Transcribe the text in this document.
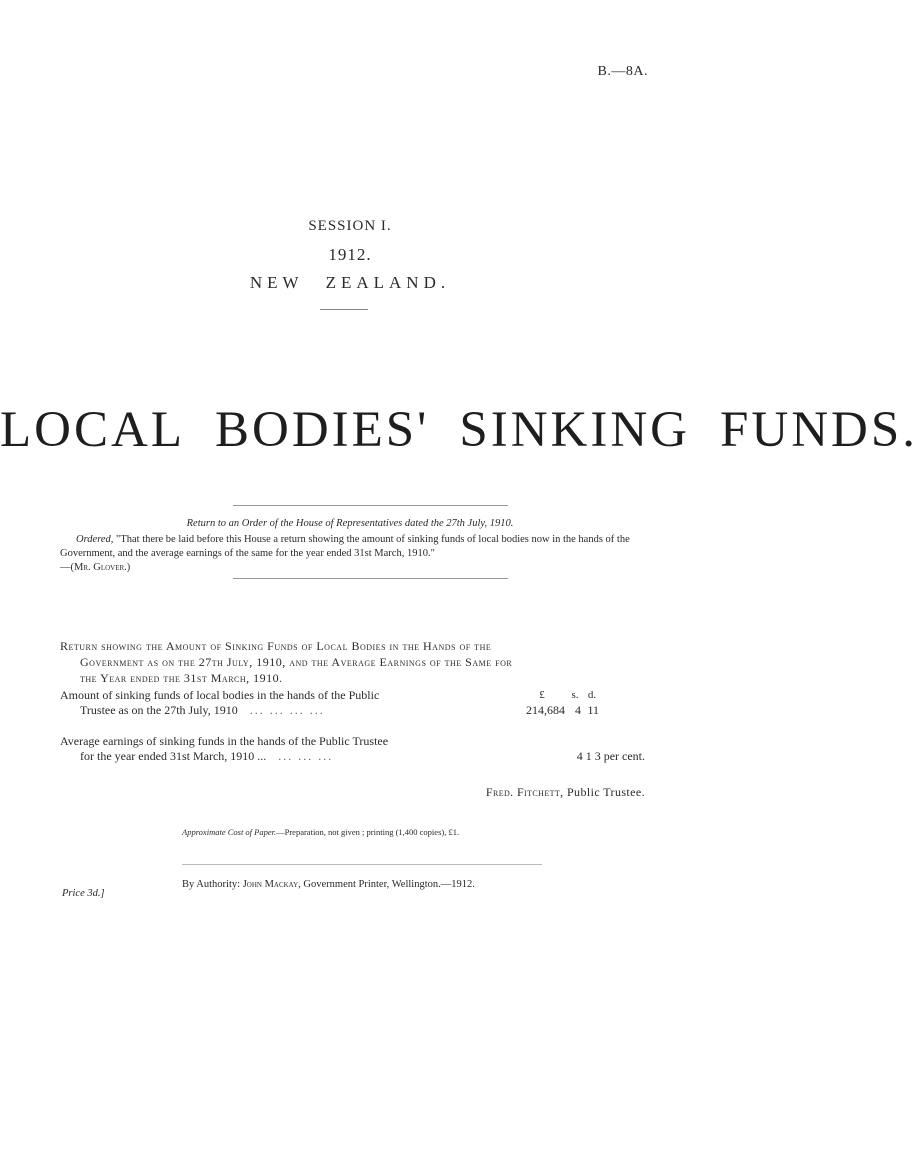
B.—8A.
SESSION I.
1912.
NEW ZEALAND.
LOCAL BODIES' SINKING FUNDS.
Return to an Order of the House of Representatives dated the 27th July, 1910.
Ordered, "That there be laid before this House a return showing the amount of sinking funds of local bodies now in the hands of the Government, and the average earnings of the same for the year ended 31st March, 1910."
—(Mr. Glover.)
Return showing the Amount of Sinking Funds of Local Bodies in the Hands of the
Government as on the 27th July, 1910, and the Average Earnings of the Same for
the Year ended the 31st March, 1910.
Amount of sinking funds of local bodies in the hands of the Public
Trustee as on the 27th July, 1910 ... ... ... ...
£ s. d.
214,684 4 11
Average earnings of sinking funds in the hands of the Public Trustee
for the year ended 31st March, 1910 ... ... ... ...	4 1 3 per cent.
Fred. Fitchett, Public Trustee.
Approximate Cost of Paper.—Preparation, not given ; printing (1,400 copies), £1.
Price 3d.]
By Authority: John Mackay, Government Printer, Wellington.—1912.
